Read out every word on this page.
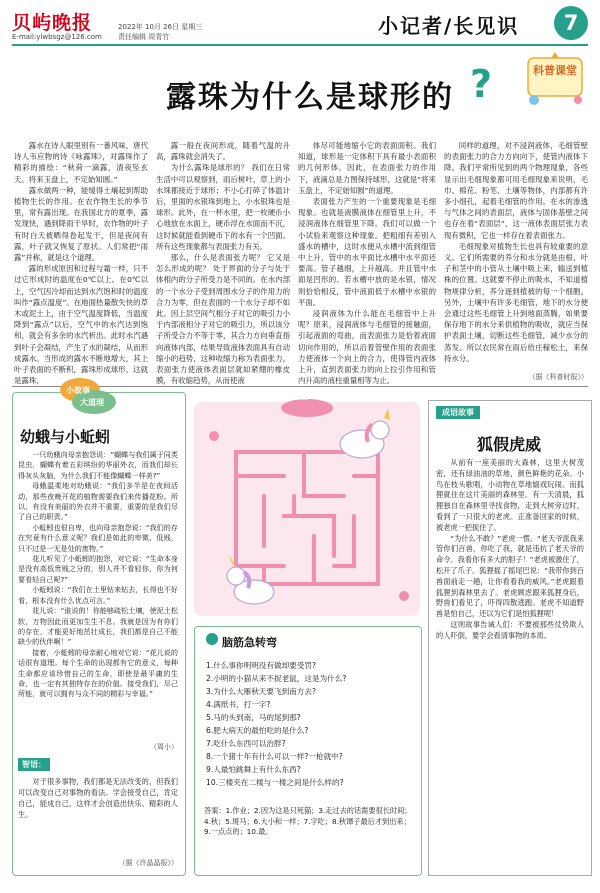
贝屿晚报
E-mail:ylwbsgz@126.com
2022年 10月 26日 星期三
责任编辑 周青竹	小记者/长见识	7
科普课堂
露珠为什么是球形的 ?

露水在诗人眼里别有一番风味，唐代诗人韦应物的诗《咏露珠》，对露珠作了精彩的描绘：“秋荷一滴露，清夜坠玄天。将来玉盘上，不定始知圆。”

露水做两一种，能缓得土壤起到帮助植物生长的作用。在农作物生长的季节里，常有露出现。在我国北方的夏季，露发现快，遇到降雨干旱时，农作物的叶子有时白天被晒得卷起发干，但是夜间有露，叶子就又恢复了原状。人们常把“雨露”并称，就是这个道理。

露的形成原因和过程与霜一样，只不过它形成时的温度在0℃以上。在0℃以上，空气因冷却而达到水汽饱和时的温度叫作“露点温度”。在地面热量散失快的草木或泥土上，由于空气温度降低，当温度降到“露点”以后，空气中的水汽达到饱和，就会有多余的水汽析出。此时水汽遇到叶子会凝结，产生了水的凝结，从而形成露水。当形成的露水不断地增大，其上叶子表面的不断积，露珠形成球形，这就是露珠，

露一般在夜间形成，随着气温的升高，露珠就会消失了。

为什么露珠是球形的？ 我们在日常生活中可以观察到，雨后树叶、草上的小水珠都接近于球形；不小心打碎了体温计后，里面的水银珠到地上，小水银珠也是球形。此外，在一杯水里，把一枚硬币小心地放在水面上，硬币浮在水面而不沉，这时候就能看到硬币下的水有一个凹面。所有这些现象都与表面张力有关。

那么，什么是表面张力呢？ 它又是怎么形成的呢？ 处于界面的分子与处于体相内的分子所受力是不同的。在水内部的一个水分子受到周围水分子的作用力的合力为零，但在表面的一个水分子却不如此。因上层空间气相分子对它的吸引力小于内部液相分子对它的吸引力，所以该分子所受合力不等于零，其合力方向垂直指向液体内部，结果导致液体表面具有自动缩小的趋势，这种收缩力称为表面张力。表面张力使液体表面层就如紧绷的橡皮膜，有收缩趋势，从而使液

体尽可能地缩小它的表面面积。我们知道，球形是一定体积下具有最小表面积的几何形体。因此，在表面张力的作用下，液滴总是力图保持球形，这就是“将来玉盘上，不定始知圆”的道理。

表面张力产生的一个重要现象是毛细现象。也就是液膜液体在细管里上升，不浸润液体在细管里下降。我们可以做一个小试验来观察这种现象。把粗细有差别入盛水的槽中，这时水便从水槽中流到细管中上升，管中的水平面比水槽中水平面还要高。管子越细，上升越高。并且管中水面是凹形的。若水槽中放的是水银，情况则恰恰相反，管中液面低于水槽中水银的平面。

浸润液体为什么能在毛细管中上升呢？原来，浸润液体与毛细管的接触面，引起液面的弯曲，而表面张力是恰着液面切向作用的，所以沿着管壁作用的表面张力使液体一个向上的合力，使得管内液体上升，直到表面张力的向上拉引作用和管内升高的液柱重量相等为止。

同样的道理，对不浸润液体，毛细管壁的表面张力的合力方向向下，使管内液体下降。我们平常所见到的两个物理现象，各些显示出毛细现象都可用毛细现象来说明，毛巾、棉花、粉笔、土壤等物体，内部都有许多小细孔，起着毛细管的作用。在水的渗透与气体之间的表面层，液体与固体基壁之间也存在着“表面层”，这一液体表面层张力表现有微积，它也一样存在着表面张力。

毛细现象对植物生长也具有较重要的意义。它们所需要的养分和水分就是由根、叶子和茎中的小管从土壤中吸上来，输送到植株的位置。这就要不停止的吸水，不知道植物规律分析，养分逐到植被的每一个细胞。另外，土壤中有许多毛细管，地下的水分便会通过这些毛细管上升到地面蒸腾，如果要保存地下的水分来供植物的吸收，就应当保护表面土壤，切断这些毛细管，减少水分的蒸发。所以农民常在雨后给庄稼松土，来保持水分。

（据《科普时报》）
小故事
大道理
幼蛾与小蚯蚓

一只幼蛾向母亲抱怨说：“蝴蝶与我们属于同类昆虫，蝴蝶有着五彩缤纷的华丽外衣，而我们却长得灰头灰脑，为什么我们不能像蝴蝶一样美?”

母蛾温柔地对幼蛾说：“我们多半是在夜间活动，那些夜晚开花的植物需要我们来传播花粉。所以，有没有美丽的外衣并不重要，重要的是我们尽了自己的职责。”

小蚯蚓也很自卑，也向母亲抱怨说：“我们的存在究竟有什么意义呢？我们是如此的卑微、低贱，只不过是一无是处的废物。”

花儿听见了小蚯蚓的抱怨，对它说：“生命本身是没有高低贵贱之分的，别人并不看轻你，你为何要看轻自己呢?”

小蚯蚓说：“我们在土里钻来钻去，长得也不好看，根本没有什么优点可言。”

花儿说：“谁说的！你能够疏松土壤，使泥土松软，万物因此而更加生生不息。我就是因为有你们的存在，才能更好地茁壮成长，我们都是自己不能缺少的伙伴啊！”

接着，小蚯蚓的母亲耐心地对它说：“花儿说的话很有道理。每个生命的出现都有它的意义，每种生命都应该珍惜自己的生命，即使是最平庸的生命，也一定有其独特存在的价值。接受我们，尽己所能，就可以拥有与众不同的精彩与幸福。”

（周小）
智语：

对于很多事物，我们都是无法改变的，但我们可以改变自己对事物的看法。学会接受自己，肯定自己，能成自己，这样才会创造出快乐、精彩的人生。

（据《许晶晶报》）
迷宫
脑筋急转弯
1.什么事你明明没有做却要受罚?
2.小明的小猫从来不捉老鼠，这是为什么?
3.为什么大雁秋天要飞到南方去?
4.满纸书，打一字?
5.马的头到南，马的尾到那?
6.肥大病天的最怕吃的是什么?
7.吃什么东西可以治胖?
8.一个猪十年有什么可以一样?一枪就中?
9.人最怕跳舞上有什么东西?
10.三楼夹在二楼与一楼之间是什么样的?
答案：1.作业；2.因为这是只死猫；3.走过去的话需要很长时间；4.秋；5.斑马；6.大小和一样；7.字吃；8.秋谭子最后才到出来；9.一点点的；10.最。
成语故事
狐假虎威

从前有一座美丽的大森林，这里大树茂密，还有绿油油的草地，颜色鲜艳的花朵。小鸟在枝头歌唱，小动物在草地嬉戏玩闹。而狐狸就住在这片美丽的森林里。有一天清晨，狐狸独自在森林里寻找食物，走到大树旁边时，看到了一只很大的老虎。正准备回家的时候，被老虎一把捉住了。

“为什么不敢？”老虎一愣。“老天爷派我来管你们百兽，你吃了我，就是违抗了老天爷的命令。我看你有多大的胆子！”老虎被激住了，松开了爪子。狐狸摇了摇尾巴说：“我带你到百兽面前走一趟，让你看看我的威风。”老虎跟着狐狸到森林里去了。老虎顾虑跟来狐狸身后，野兽们看见了，吓得四散逃跑。老虎不知道野兽是怕自己，还以为它们是怕狐狸呢！

这则故事告诫人们：不要被那些仗势欺人的人吓倒，要学会看清事物的本质。
